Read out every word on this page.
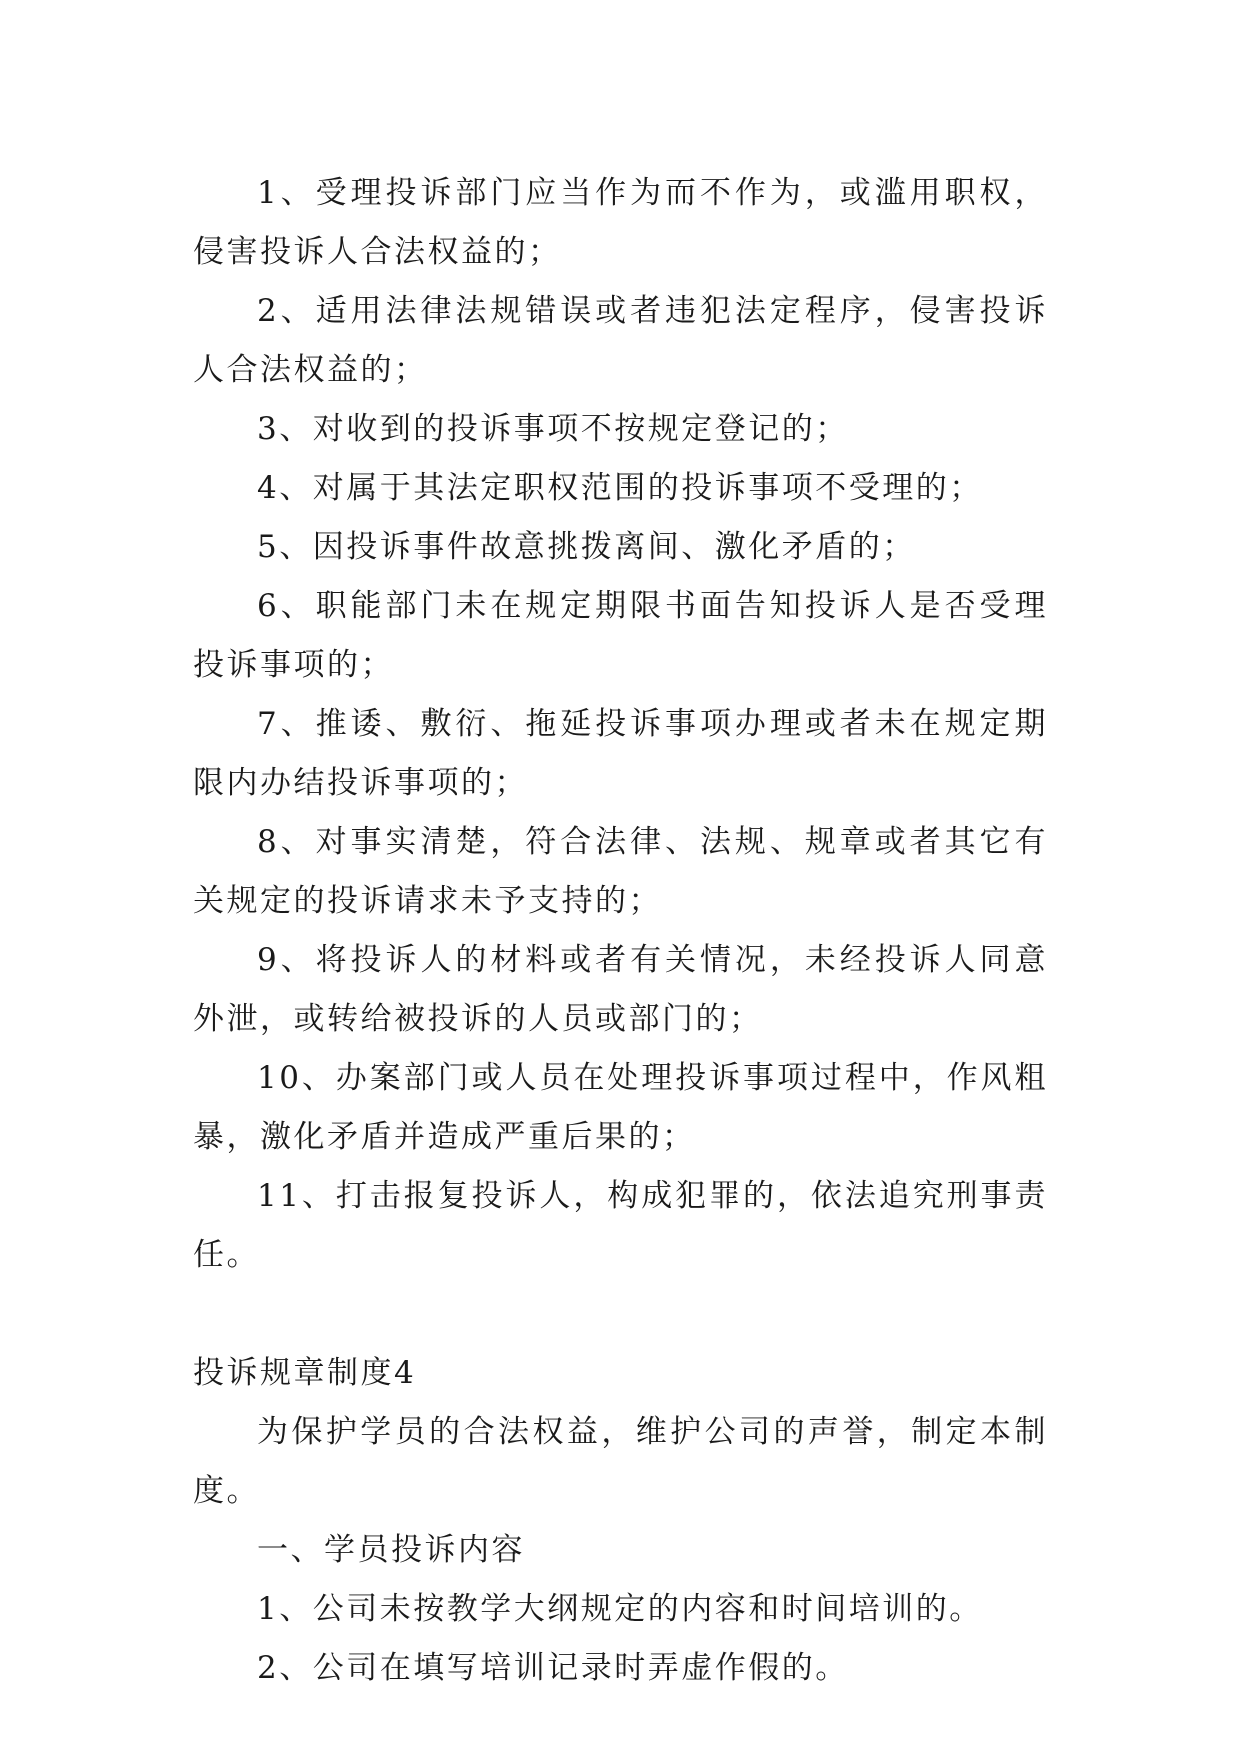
1、受理投诉部门应当作为而不作为，或滥用职权，侵害投诉人合法权益的；

2、适用法律法规错误或者违犯法定程序，侵害投诉人合法权益的；

3、对收到的投诉事项不按规定登记的；

4、对属于其法定职权范围的投诉事项不受理的；

5、因投诉事件故意挑拨离间、激化矛盾的；

6、职能部门未在规定期限书面告知投诉人是否受理投诉事项的；

7、推诿、敷衍、拖延投诉事项办理或者未在规定期限内办结投诉事项的；

8、对事实清楚，符合法律、法规、规章或者其它有关规定的投诉请求未予支持的；

9、将投诉人的材料或者有关情况，未经投诉人同意外泄，或转给被投诉的人员或部门的；

10、办案部门或人员在处理投诉事项过程中，作风粗暴，激化矛盾并造成严重后果的；

11、打击报复投诉人，构成犯罪的，依法追究刑事责任。

投诉规章制度4

为保护学员的合法权益，维护公司的声誉，制定本制度。

一、学员投诉内容

1、公司未按教学大纲规定的内容和时间培训的。

2、公司在填写培训记录时弄虚作假的。
